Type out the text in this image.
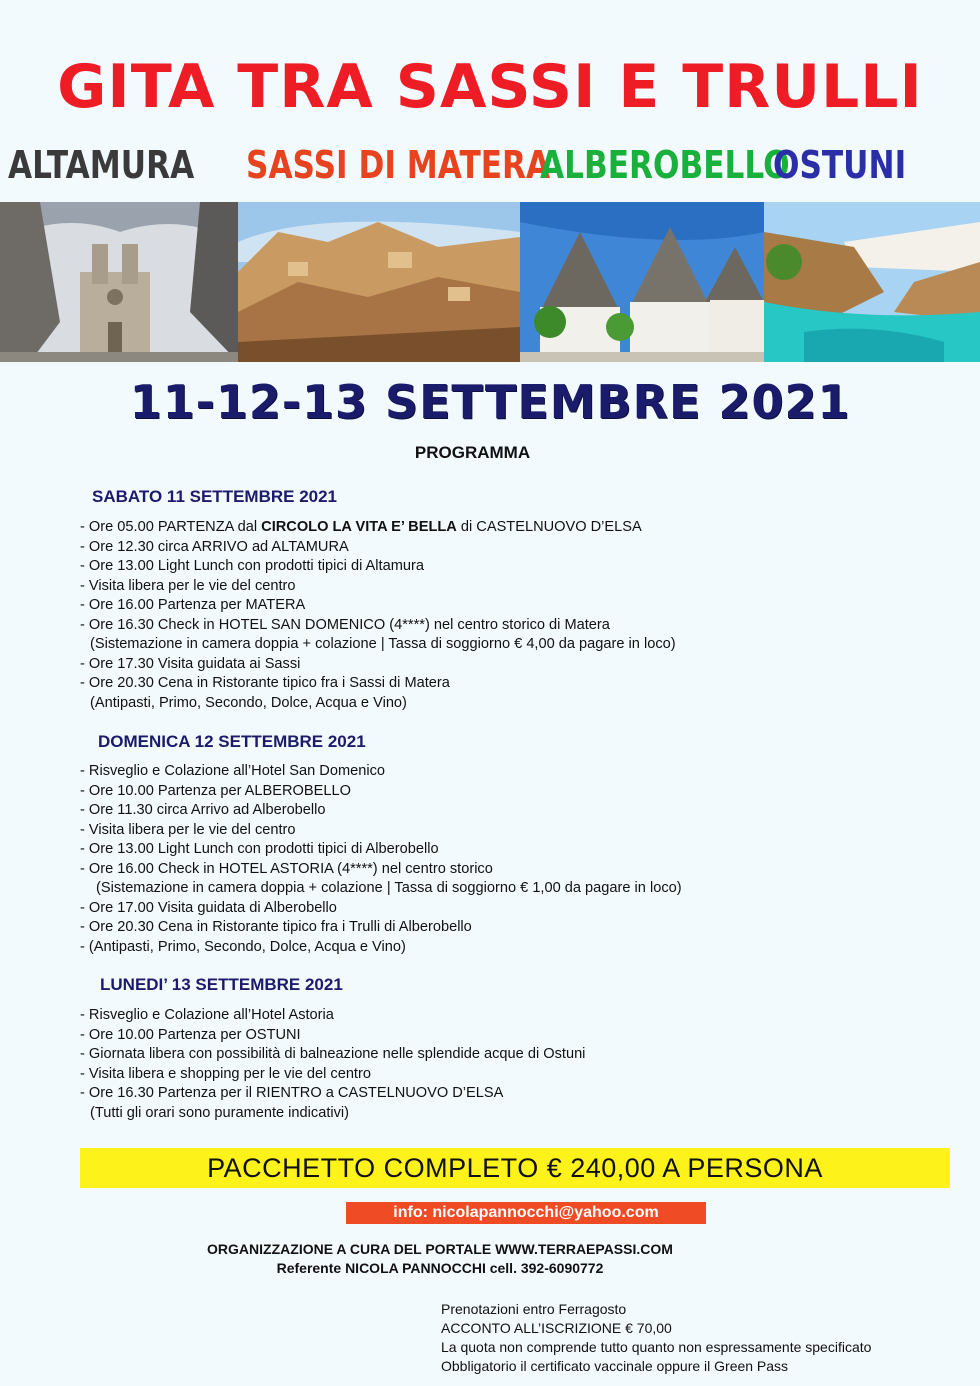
GITA TRA SASSI E TRULLI
ALTAMURA SASSI DI MATERA
ALBEROBELLO
OSTUNI
11-12-13 SETTEMBRE 2021
PROGRAMMA
SABATO 11 SETTEMBRE 2021
- Ore 05.00 PARTENZA dal CIRCOLO LA VITA E’ BELLA di CASTELNUOVO D’ELSA
- Ore 12.30 circa ARRIVO ad ALTAMURA
- Ore 13.00 Light Lunch con prodotti tipici di Altamura
- Visita libera per le vie del centro
- Ore 16.00 Partenza per MATERA
- Ore 16.30 Check in HOTEL SAN DOMENICO (4****) nel centro storico di Matera
(Sistemazione in camera doppia + colazione | Tassa di soggiorno € 4,00 da pagare in loco)
- Ore 17.30 Visita guidata ai Sassi
- Ore 20.30 Cena in Ristorante tipico fra i Sassi di Matera
(Antipasti, Primo, Secondo, Dolce, Acqua e Vino)
DOMENICA 12 SETTEMBRE 2021
- Risveglio e Colazione all’Hotel San Domenico
- Ore 10.00 Partenza per ALBEROBELLO
- Ore 11.30 circa Arrivo ad Alberobello
- Visita libera per le vie del centro
- Ore 13.00 Light Lunch con prodotti tipici di Alberobello
- Ore 16.00 Check in HOTEL ASTORIA (4****) nel centro storico
(Sistemazione in camera doppia + colazione | Tassa di soggiorno € 1,00 da pagare in loco)
- Ore 17.00 Visita guidata di Alberobello
- Ore 20.30 Cena in Ristorante tipico fra i Trulli di Alberobello
- (Antipasti, Primo, Secondo, Dolce, Acqua e Vino)
LUNEDI’ 13 SETTEMBRE 2021
- Risveglio e Colazione all’Hotel Astoria
- Ore 10.00 Partenza per OSTUNI
- Giornata libera con possibilità di balneazione nelle splendide acque di Ostuni
- Visita libera e shopping per le vie del centro
- Ore 16.30 Partenza per il RIENTRO a CASTELNUOVO D’ELSA
(Tutti gli orari sono puramente indicativi)
PACCHETTO COMPLETO € 240,00 A PERSONA
info: nicolapannocchi@yahoo.com
ORGANIZZAZIONE A CURA DEL PORTALE WWW.TERRAEPASSI.COM
Referente NICOLA PANNOCCHI cell. 392-6090772
Prenotazioni entro Ferragosto
ACCONTO ALL’ISCRIZIONE € 70,00
La quota non comprende tutto quanto non espressamente specificato
Obbligatorio il certificato vaccinale oppure il Green Pass
